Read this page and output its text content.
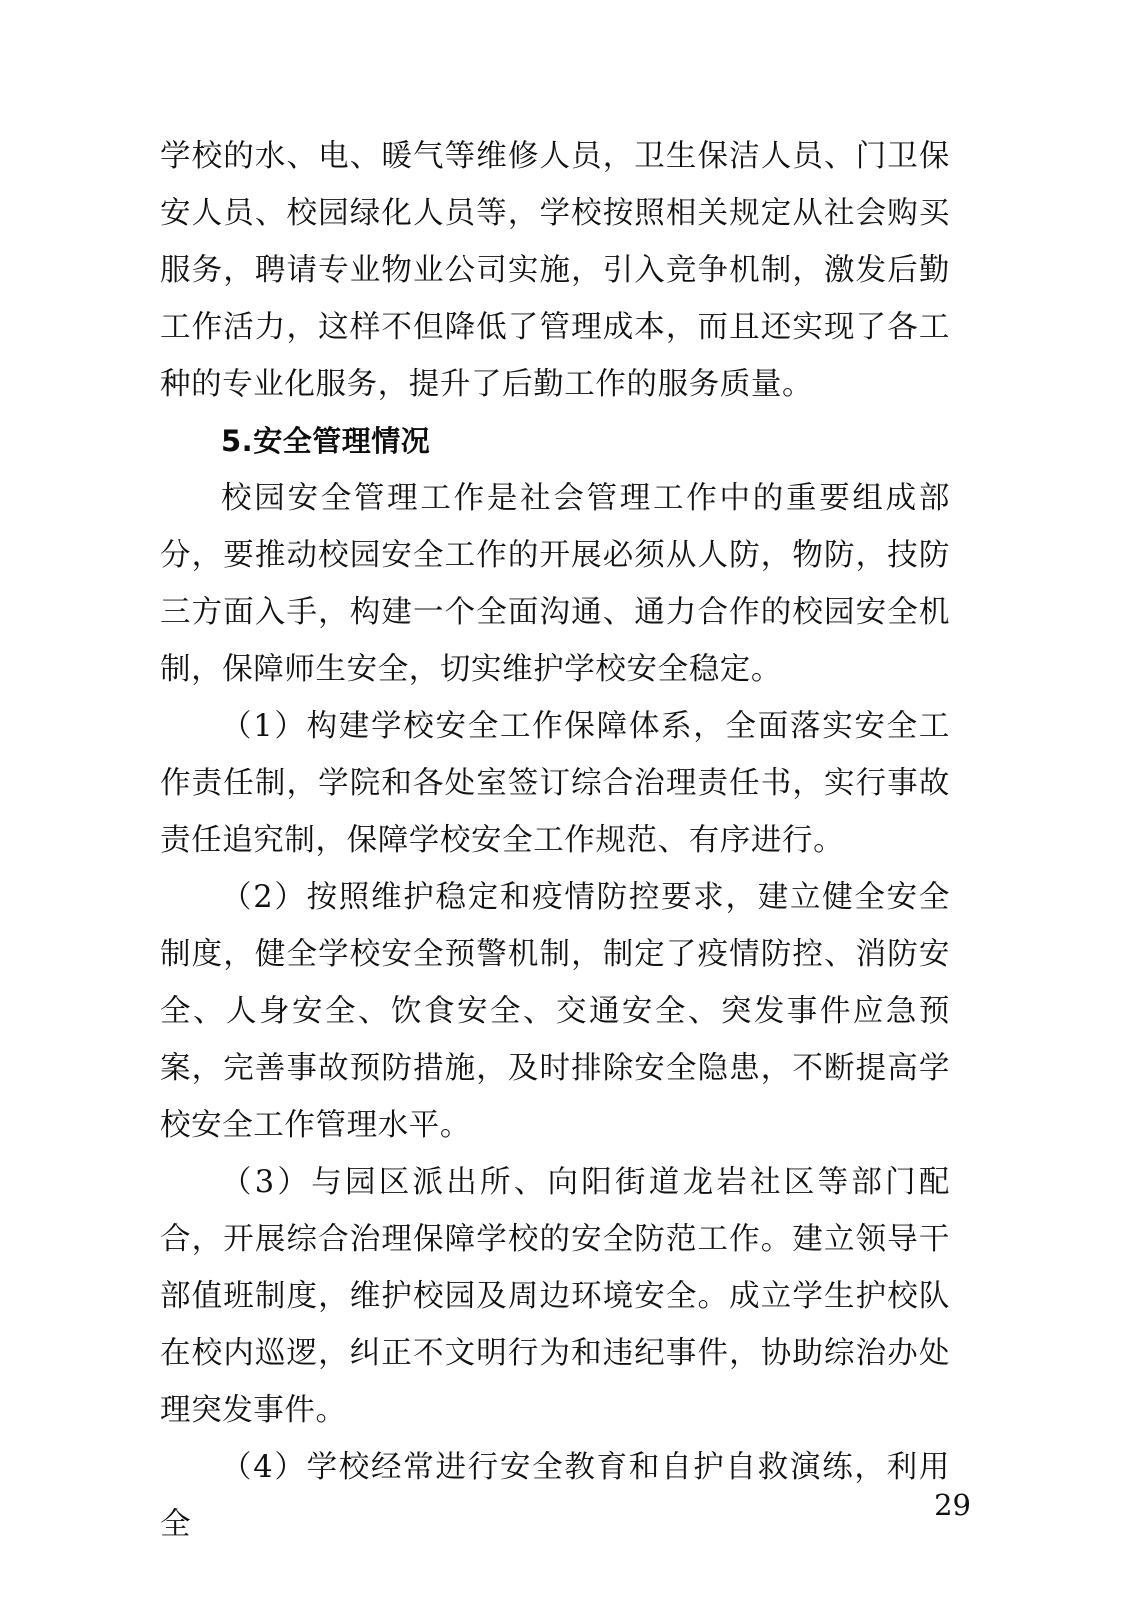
学校的水、电、暖气等维修人员，卫生保洁人员、门卫保安人员、校园绿化人员等，学校按照相关规定从社会购买服务，聘请专业物业公司实施，引入竞争机制，激发后勤工作活力，这样不但降低了管理成本，而且还实现了各工种的专业化服务，提升了后勤工作的服务质量。

5.安全管理情况

校园安全管理工作是社会管理工作中的重要组成部分，要推动校园安全工作的开展必须从人防，物防，技防三方面入手，构建一个全面沟通、通力合作的校园安全机制，保障师生安全，切实维护学校安全稳定。

（1）构建学校安全工作保障体系，全面落实安全工作责任制，学院和各处室签订综合治理责任书，实行事故责任追究制，保障学校安全工作规范、有序进行。

（2）按照维护稳定和疫情防控要求，建立健全安全制度，健全学校安全预警机制，制定了疫情防控、消防安全、人身安全、饮食安全、交通安全、突发事件应急预案，完善事故预防措施，及时排除安全隐患，不断提高学校安全工作管理水平。

（3）与园区派出所、向阳街道龙岩社区等部门配合，开展综合治理保障学校的安全防范工作。建立领导干部值班制度，维护校园及周边环境安全。成立学生护校队在校内巡逻，纠正不文明行为和违纪事件，协助综治办处理突发事件。

（4）学校经常进行安全教育和自护自救演练，利用全

29
